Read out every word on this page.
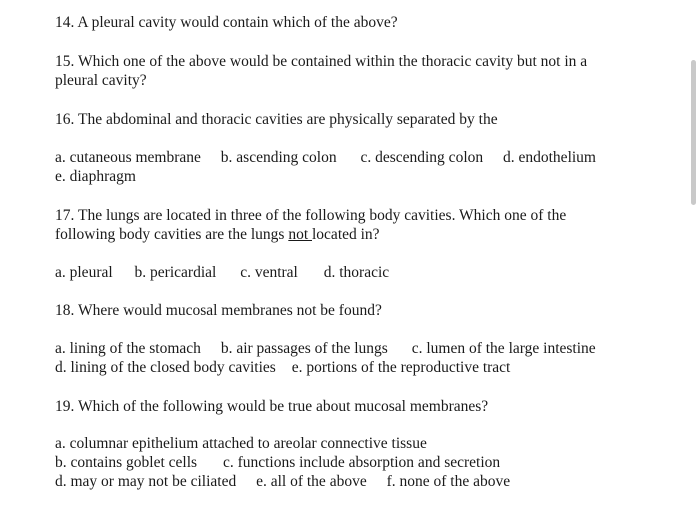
14. A pleural cavity would contain which of the above?
15. Which one of the above would be contained within the thoracic cavity but not in a
pleural cavity?
16. The abdominal and thoracic cavities are physically separated by the
a. cutaneous membrane b. ascending colon c. descending colon d. endothelium
e. diaphragm
17. The lungs are located in three of the following body cavities. Which one of the
following body cavities are the lungs not located in?
a. pleural b. pericardial c. ventral d. thoracic
18. Where would mucosal membranes not be found?
a. lining of the stomach b. air passages of the lungs c. lumen of the large intestine
d. lining of the closed body cavities e. portions of the reproductive tract
19. Which of the following would be true about mucosal membranes?
a. columnar epithelium attached to areolar connective tissue
b. contains goblet cells c. functions include absorption and secretion
d. may or may not be ciliated e. all of the above f. none of the above
